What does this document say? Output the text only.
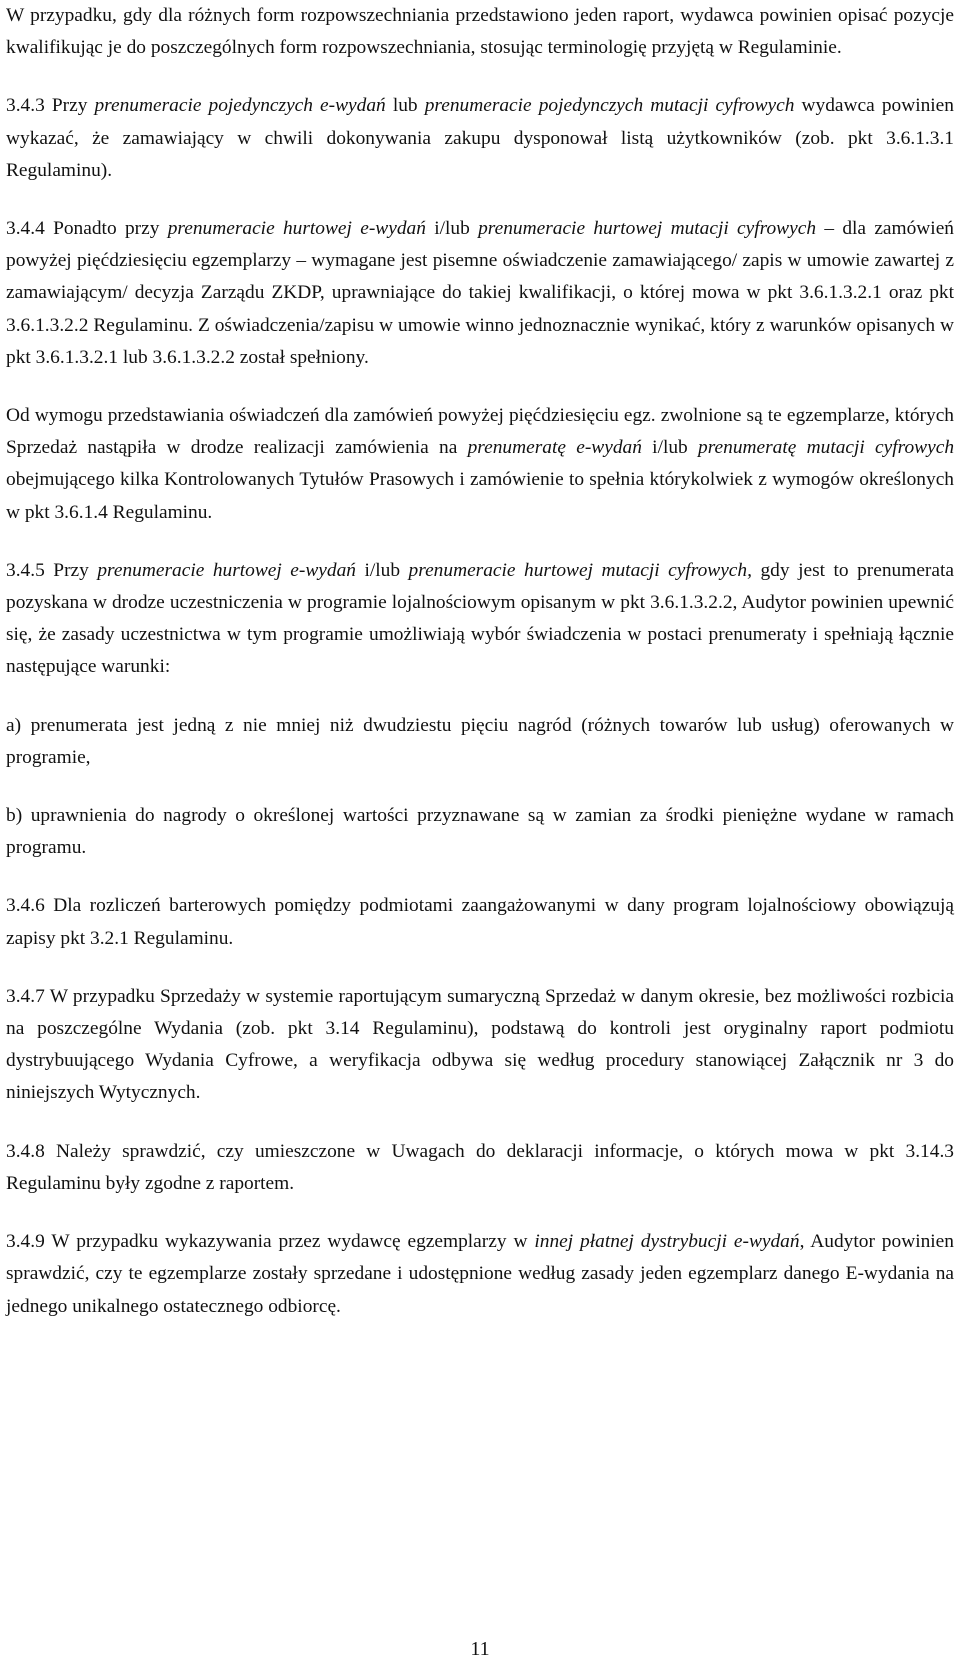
W przypadku, gdy dla różnych form rozpowszechniania przedstawiono jeden raport, wydawca powinien opisać pozycje kwalifikując je do poszczególnych form rozpowszechniania, stosując terminologię przyjętą w Regulaminie.

3.4.3 Przy prenumeracie pojedynczych e-wydań lub prenumeracie pojedynczych mutacji cyfrowych wydawca powinien wykazać, że zamawiający w chwili dokonywania zakupu dysponował listą użytkowników (zob. pkt 3.6.1.3.1 Regulaminu).

3.4.4 Ponadto przy prenumeracie hurtowej e-wydań i/lub prenumeracie hurtowej mutacji cyfrowych – dla zamówień powyżej pięćdziesięciu egzemplarzy – wymagane jest pisemne oświadczenie zamawiającego/ zapis w umowie zawartej z zamawiającym/ decyzja Zarządu ZKDP, uprawniające do takiej kwalifikacji, o której mowa w pkt 3.6.1.3.2.1 oraz pkt 3.6.1.3.2.2 Regulaminu. Z oświadczenia/zapisu w umowie winno jednoznacznie wynikać, który z warunków opisanych w pkt 3.6.1.3.2.1 lub 3.6.1.3.2.2 został spełniony.

Od wymogu przedstawiania oświadczeń dla zamówień powyżej pięćdziesięciu egz. zwolnione są te egzemplarze, których Sprzedaż nastąpiła w drodze realizacji zamówienia na prenumeratę e-wydań i/lub prenumeratę mutacji cyfrowych obejmującego kilka Kontrolowanych Tytułów Prasowych i zamówienie to spełnia którykolwiek z wymogów określonych w pkt 3.6.1.4 Regulaminu.

3.4.5 Przy prenumeracie hurtowej e-wydań i/lub prenumeracie hurtowej mutacji cyfrowych, gdy jest to prenumerata pozyskana w drodze uczestniczenia w programie lojalnościowym opisanym w pkt 3.6.1.3.2.2, Audytor powinien upewnić się, że zasady uczestnictwa w tym programie umożliwiają wybór świadczenia w postaci prenumeraty i spełniają łącznie następujące warunki:

a) prenumerata jest jedną z nie mniej niż dwudziestu pięciu nagród (różnych towarów lub usług) oferowanych w programie,

b) uprawnienia do nagrody o określonej wartości przyznawane są w zamian za środki pieniężne wydane w ramach programu.

3.4.6 Dla rozliczeń barterowych pomiędzy podmiotami zaangażowanymi w dany program lojalnościowy obowiązują zapisy pkt 3.2.1 Regulaminu.

3.4.7 W przypadku Sprzedaży w systemie raportującym sumaryczną Sprzedaż w danym okresie, bez możliwości rozbicia na poszczególne Wydania (zob. pkt 3.14 Regulaminu), podstawą do kontroli jest oryginalny raport podmiotu dystrybuującego Wydania Cyfrowe, a weryfikacja odbywa się według procedury stanowiącej Załącznik nr 3 do niniejszych Wytycznych.

3.4.8 Należy sprawdzić, czy umieszczone w Uwagach do deklaracji informacje, o których mowa w pkt 3.14.3 Regulaminu były zgodne z raportem.

3.4.9 W przypadku wykazywania przez wydawcę egzemplarzy w innej płatnej dystrybucji e-wydań, Audytor powinien sprawdzić, czy te egzemplarze zostały sprzedane i udostępnione według zasady jeden egzemplarz danego E-wydania na jednego unikalnego ostatecznego odbiorcę.

11
